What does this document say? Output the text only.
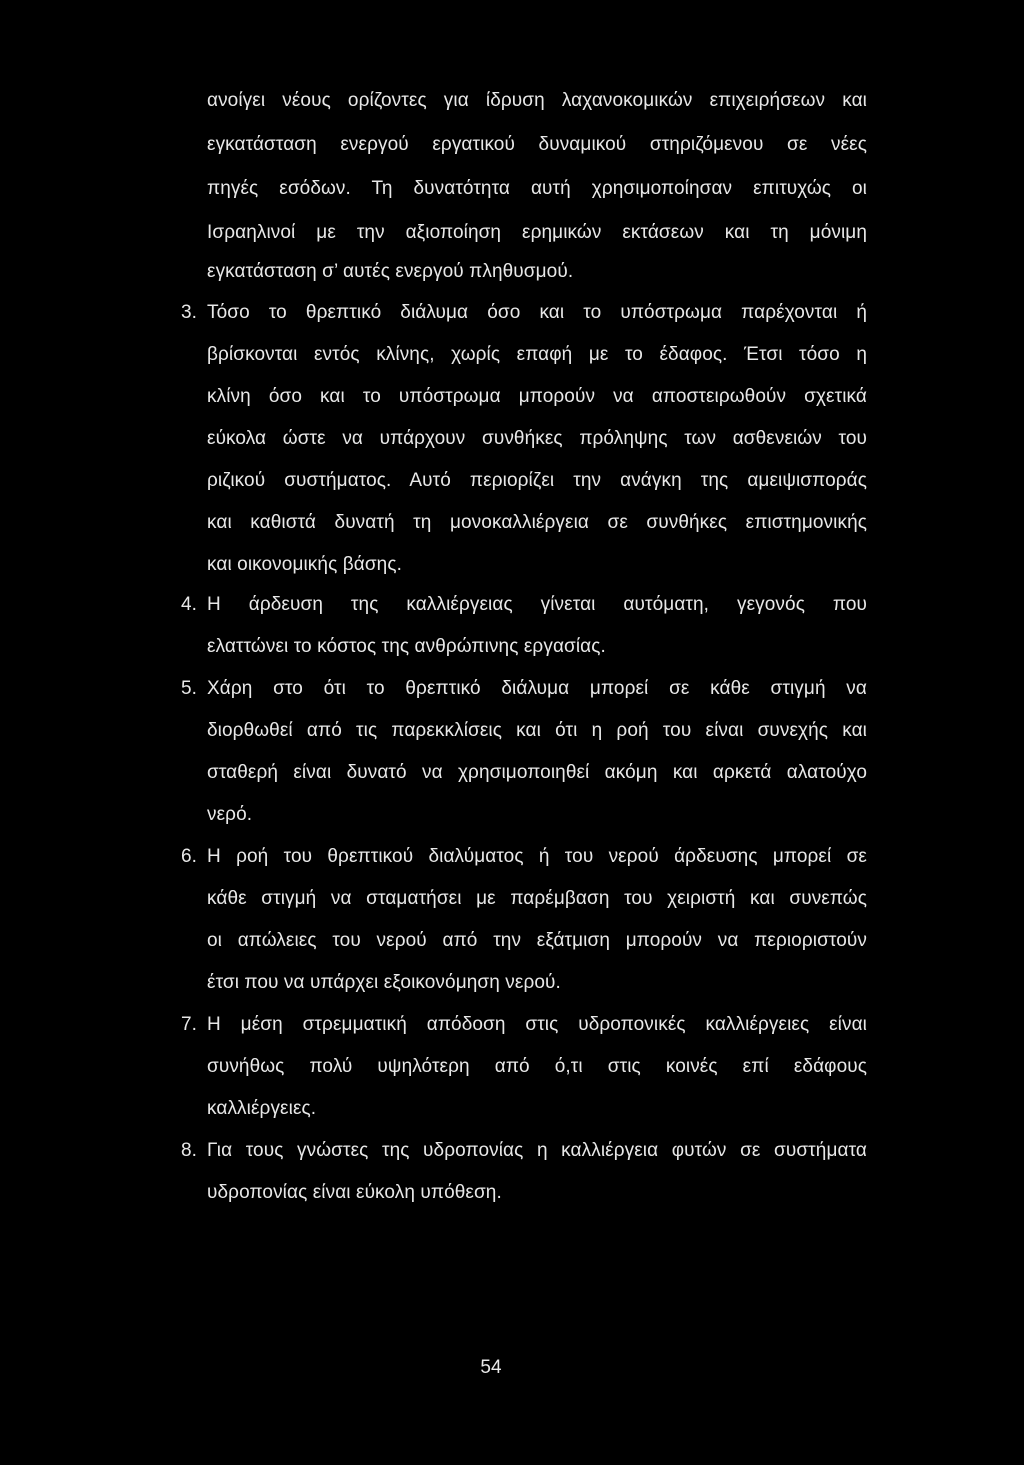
ανοίγει νέους ορίζοντες για ίδρυση λαχανοκομικών επιχειρήσεων και
εγκατάσταση ενεργού εργατικού δυναμικού στηριζόμενου σε νέες
πηγές εσόδων. Τη δυνατότητα αυτή χρησιμοποίησαν επιτυχώς οι
Ισραηλινοί με την αξιοποίηση ερημικών εκτάσεων και τη μόνιμη
εγκατάσταση σ’ αυτές ενεργού πληθυσμού.
3. Τόσο το θρεπτικό διάλυμα όσο και το υπόστρωμα παρέχονται ή
βρίσκονται εντός κλίνης, χωρίς επαφή με το έδαφος. Έτσι τόσο η
κλίνη όσο και το υπόστρωμα μπορούν να αποστειρωθούν σχετικά
εύκολα ώστε να υπάρχουν συνθήκες πρόληψης των ασθενειών του
ριζικού συστήματος. Αυτό περιορίζει την ανάγκη της αμειψισποράς
και καθιστά δυνατή τη μονοκαλλιέργεια σε συνθήκες επιστημονικής
και οικονομικής βάσης.
4. Η άρδευση της καλλιέργειας γίνεται αυτόματη, γεγονός που
ελαττώνει το κόστος της ανθρώπινης εργασίας.
5. Χάρη στο ότι το θρεπτικό διάλυμα μπορεί σε κάθε στιγμή να
διορθωθεί από τις παρεκκλίσεις και ότι η ροή του είναι συνεχής και
σταθερή είναι δυνατό να χρησιμοποιηθεί ακόμη και αρκετά αλατούχο
νερό.
6. Η ροή του θρεπτικού διαλύματος ή του νερού άρδευσης μπορεί σε
κάθε στιγμή να σταματήσει με παρέμβαση του χειριστή και συνεπώς
οι απώλειες του νερού από την εξάτμιση μπορούν να περιοριστούν
έτσι που να υπάρχει εξοικονόμηση νερού.
7. Η μέση στρεμματική απόδοση στις υδροπονικές καλλιέργειες είναι
συνήθως πολύ υψηλότερη από ό,τι στις κοινές επί εδάφους
καλλιέργειες.
8. Για τους γνώστες της υδροπονίας η καλλιέργεια φυτών σε συστήματα
υδροπονίας είναι εύκολη υπόθεση.
54
